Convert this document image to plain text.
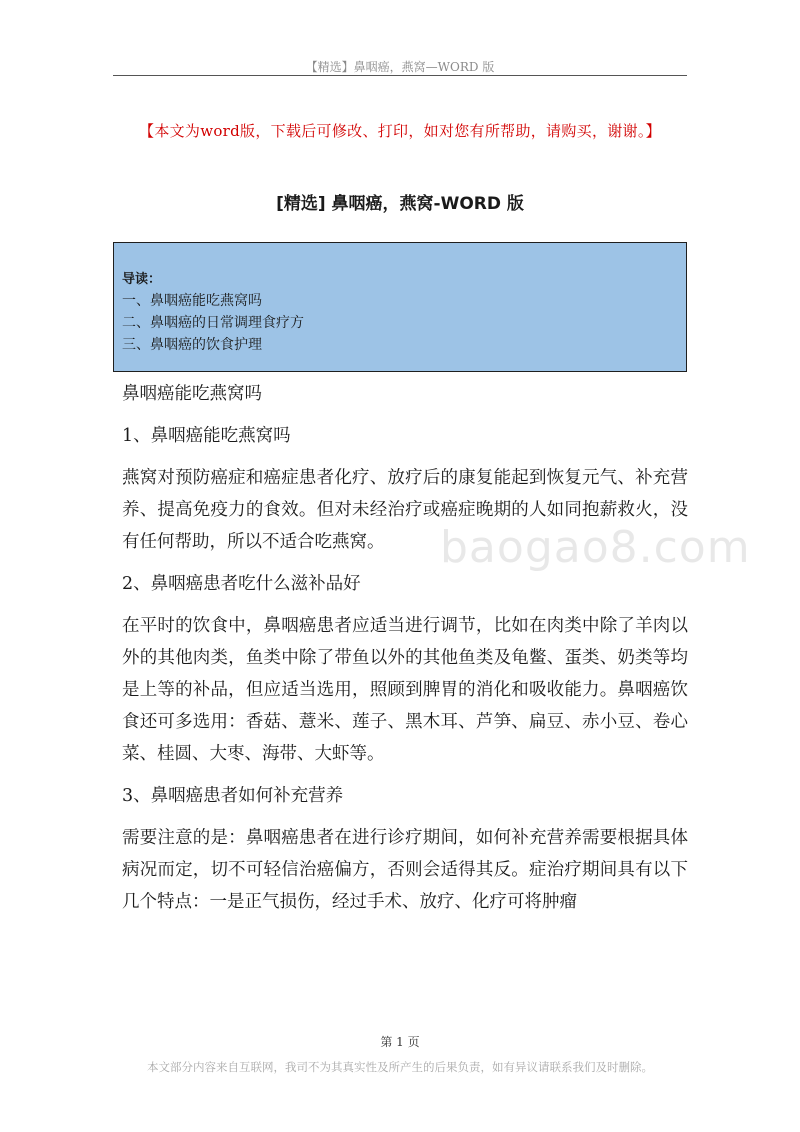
【精选】鼻咽癌，燕窝—WORD 版
【本文为word版，下载后可修改、打印，如对您有所帮助，请购买，谢谢。】
[精选] 鼻咽癌，燕窝-WORD 版
导读：
一、鼻咽癌能吃燕窝吗
二、鼻咽癌的日常调理食疗方
三、鼻咽癌的饮食护理
baogao8.com

鼻咽癌能吃燕窝吗

1、鼻咽癌能吃燕窝吗

燕窝对预防癌症和癌症患者化疗、放疗后的康复能起到恢复元气、补充营养、提高免疫力的食效。但对未经治疗或癌症晚期的人如同抱薪救火，没有任何帮助，所以不适合吃燕窝。

2、鼻咽癌患者吃什么滋补品好

在平时的饮食中，鼻咽癌患者应适当进行调节，比如在肉类中除了羊肉以外的其他肉类，鱼类中除了带鱼以外的其他鱼类及龟鳖、蛋类、奶类等均是上等的补品，但应适当选用，照顾到脾胃的消化和吸收能力。鼻咽癌饮食还可多选用：香菇、薏米、莲子、黑木耳、芦笋、扁豆、赤小豆、卷心菜、桂圆、大枣、海带、大虾等。

3、鼻咽癌患者如何补充营养

需要注意的是：鼻咽癌患者在进行诊疗期间，如何补充营养需要根据具体病况而定，切不可轻信治癌偏方，否则会适得其反。症治疗期间具有以下几个特点：一是正气损伤，经过手术、放疗、化疗可将肿瘤

第 1 页
本文部分内容来自互联网，我司不为其真实性及所产生的后果负责，如有异议请联系我们及时删除。
